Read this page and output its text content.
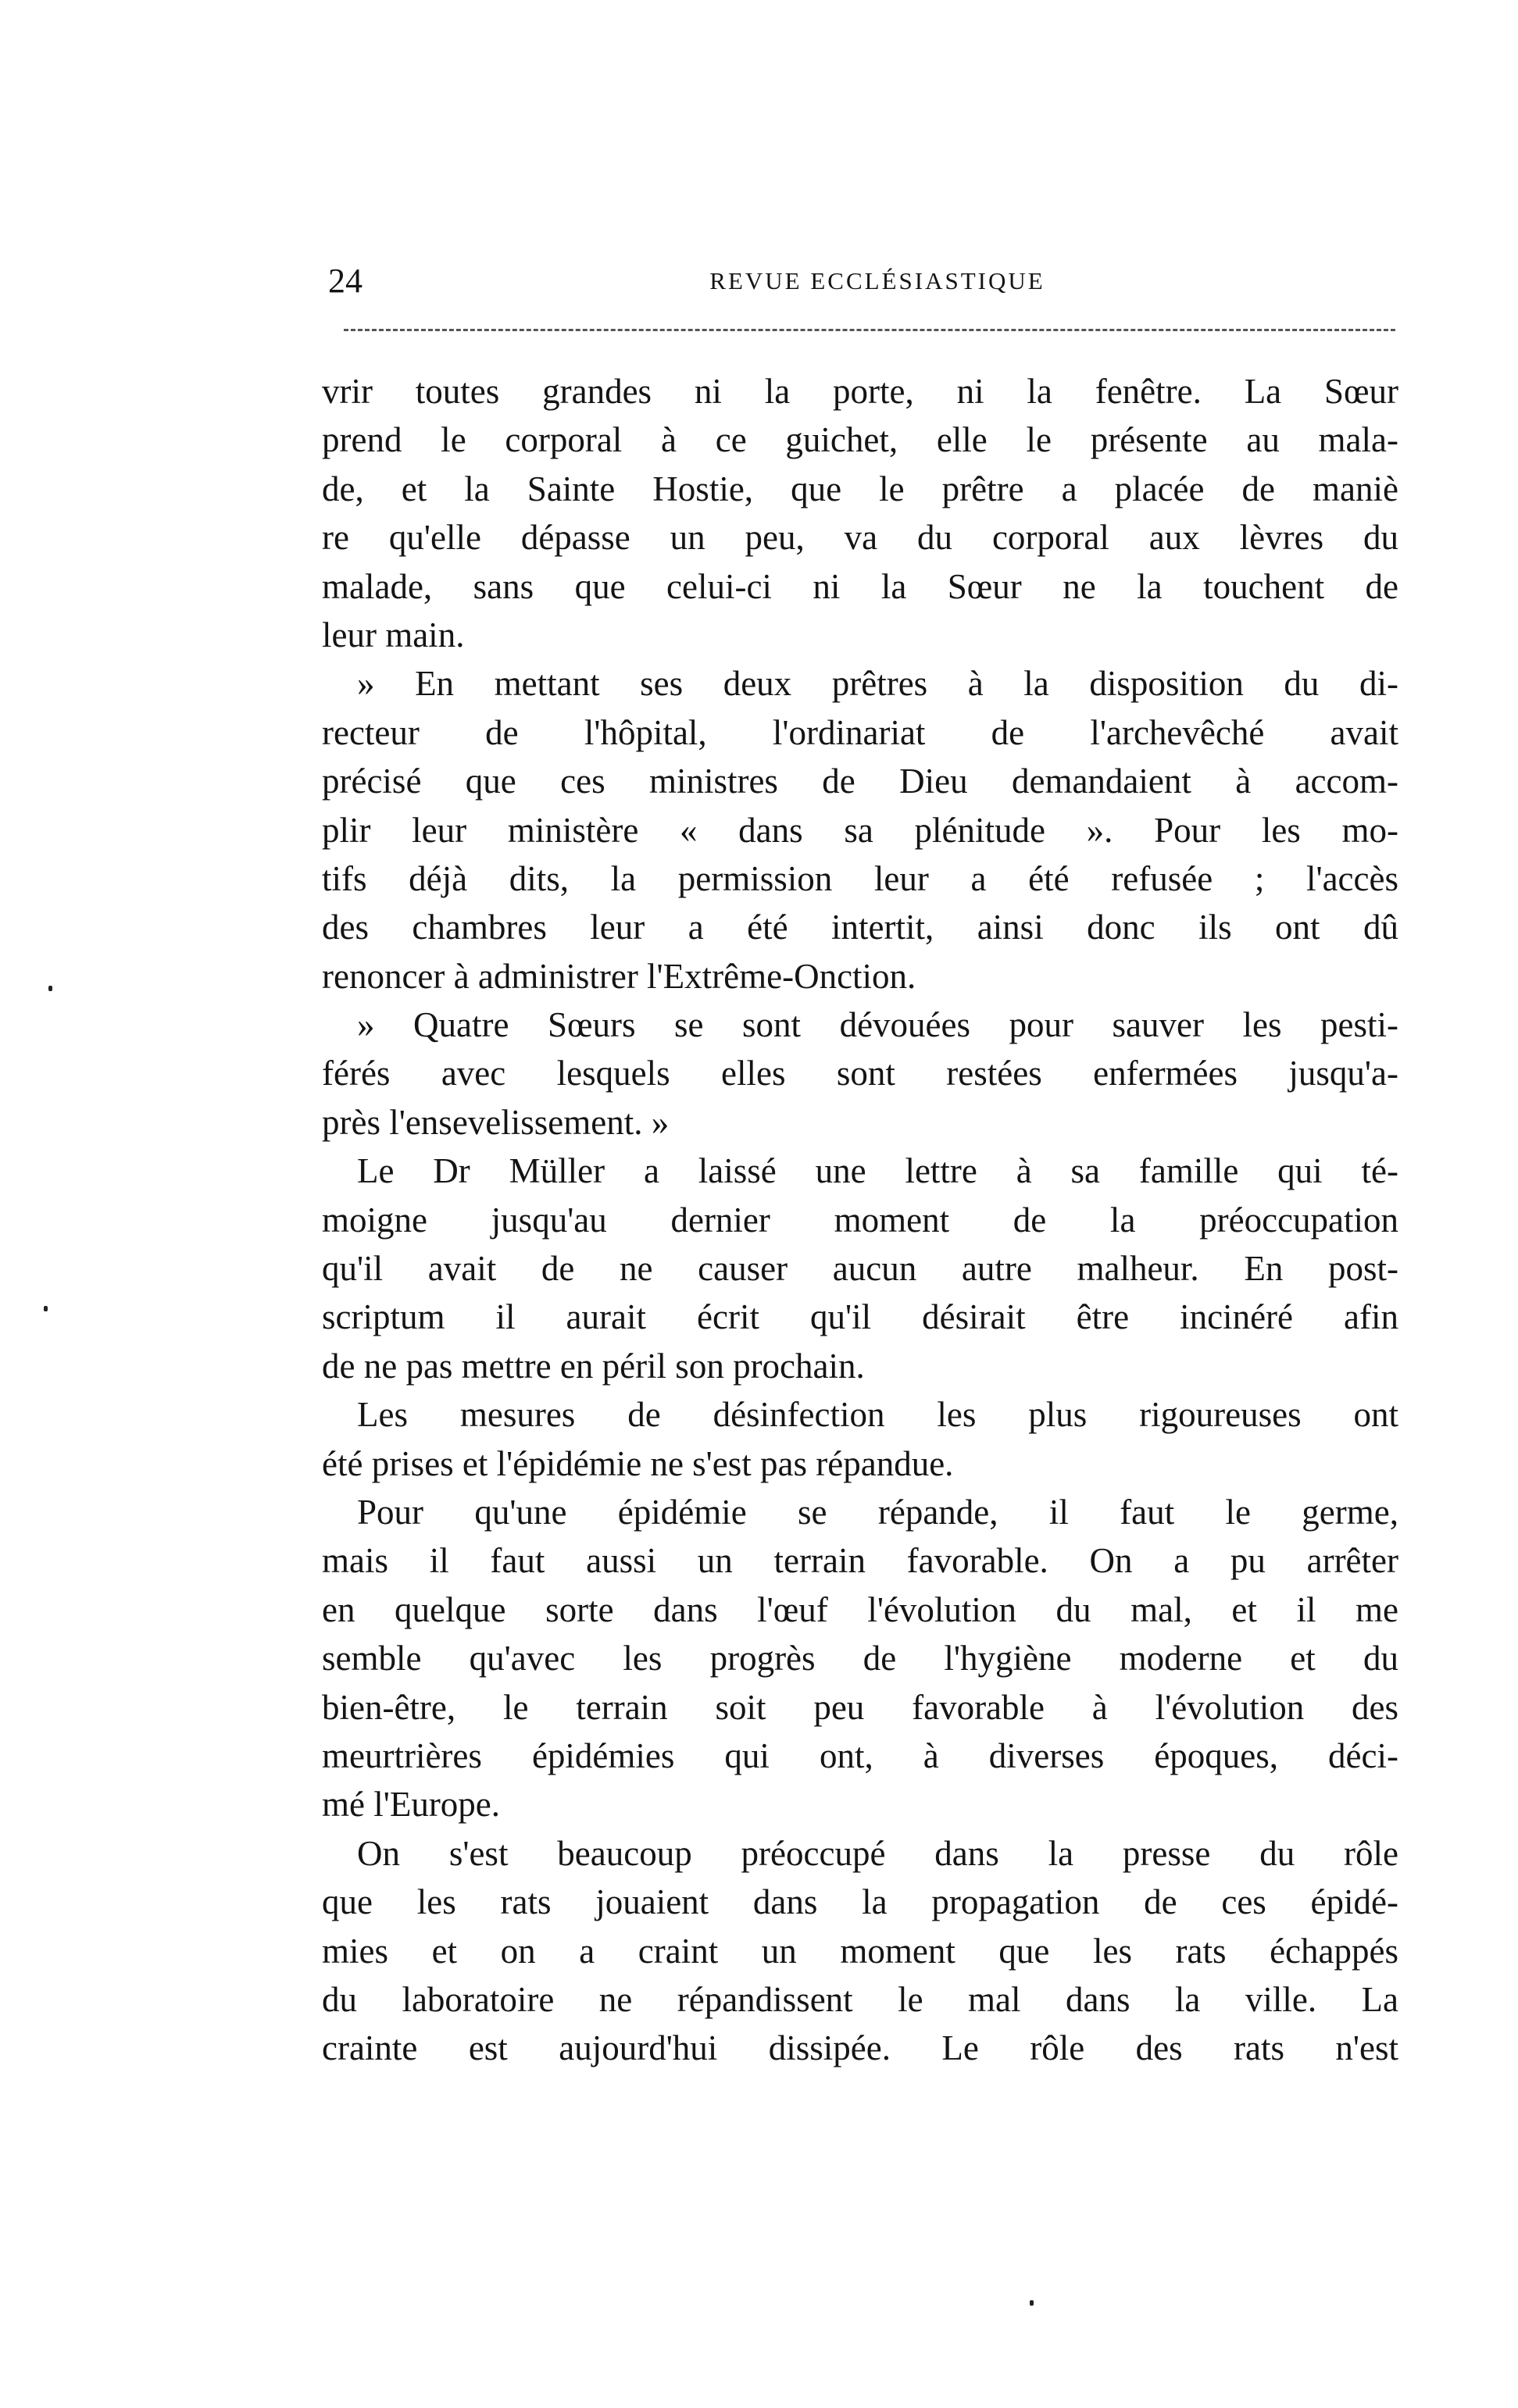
24	REVUE ECCLÉSIASTIQUE
vrir toutes grandes ni la porte, ni la fenêtre. La Sœur
prend le corporal à ce guichet, elle le présente au mala-
de, et la Sainte Hostie, que le prêtre a placée de maniè
re qu'elle dépasse un peu, va du corporal aux lèvres du
malade, sans que celui-ci ni la Sœur ne la touchent de
leur main.
» En mettant ses deux prêtres à la disposition du di-
recteur de l'hôpital, l'ordinariat de l'archevêché avait
précisé que ces ministres de Dieu demandaient à accom-
plir leur ministère « dans sa plénitude ». Pour les mo-
tifs déjà dits, la permission leur a été refusée ; l'accès
des chambres leur a été intertit, ainsi donc ils ont dû
renoncer à administrer l'Extrême-Onction.
» Quatre Sœurs se sont dévouées pour sauver les pesti-
férés avec lesquels elles sont restées enfermées jusqu'a-
près l'ensevelissement. »
Le Dr Müller a laissé une lettre à sa famille qui té-
moigne jusqu'au dernier moment de la préoccupation
qu'il avait de ne causer aucun autre malheur. En post-
scriptum il aurait écrit qu'il désirait être incinéré afin
de ne pas mettre en péril son prochain.
Les mesures de désinfection les plus rigoureuses ont
été prises et l'épidémie ne s'est pas répandue.
Pour qu'une épidémie se répande, il faut le germe,
mais il faut aussi un terrain favorable. On a pu arrêter
en quelque sorte dans l'œuf l'évolution du mal, et il me
semble qu'avec les progrès de l'hygiène moderne et du
bien-être, le terrain soit peu favorable à l'évolution des
meurtrières épidémies qui ont, à diverses époques, déci-
mé l'Europe.
On s'est beaucoup préoccupé dans la presse du rôle
que les rats jouaient dans la propagation de ces épidé-
mies et on a craint un moment que les rats échappés
du laboratoire ne répandissent le mal dans la ville. La
crainte est aujourd'hui dissipée. Le rôle des rats n'est
